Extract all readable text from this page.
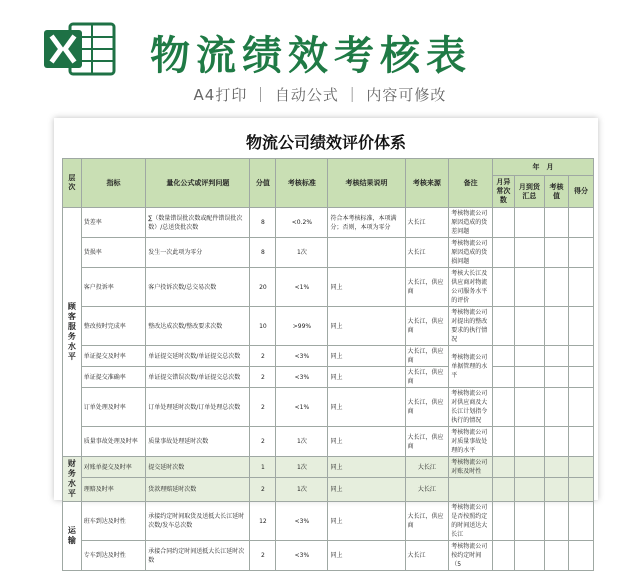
物流绩效考核表
A4打印 ｜ 自动公式 ｜ 内容可修改
物流公司绩效评价体系
层次	指标	量化公式或评判问题	分值	考核标准	考核结果说明	考核来源	备注	年　月			
								月异常次数	月到货汇总	考核值	得分
顾客服务水平	货差率	∑（数量错误批次数或配件错误批次数）/总送货批次数	8	<0.2%	符合本考核标准，本项满分；否则，本项为零分	大长江	考核物流公司原因造成的货差问题				
	货损率	发生一次此项为零分	8	1次		大长江	考核物流公司原因造成的货损问题				
	客户投诉率	客户投诉次数/总交易次数	20	<1%	同上	大长江，供应商	考核大长江及供应商对物流公司服务水平的评价				
	整改按时完成率	整改达成次数/整改要求次数	10	>99%	同上	大长江，供应商	考核物流公司对提出的整改要求的执行情况				
	单证提交及时率	单证提交延时次数/单证提交总次数	2	<3%	同上	大长江，供应商	考核物流公司单据管理的水平				
	单证提交准确率	单证提交错误次数/单证提交总次数	2	<3%	同上	大长江，供应商					
	订单处理及时率	订单处理延时次数/订单处理总次数	2	<1%	同上	大长江，供应商	考核物流公司对供应商及大长江计划指令执行的情况				
	质量事故处理及时率	质量事故处理延时次数	2	1次	同上	大长江，供应商	考核物流公司对质量事故处理的水平				
财务水平	对账单提交及时率	提交延时次数	1	1次	同上	大长江	考核物流公司对账及时性				
	理赔及时率	货款理赔延时次数	2	1次	同上	大长江					
运输	班车到达及时性	承接约定时间取货及送抵大长江延时次数/发车总次数	12	<3%	同上	大长江，供应商	考核物流公司是否按照约定的时间送达大长江				
	专车到达及时性	承接合同约定时间送抵大长江延时次数	2	<3%	同上	大长江	考核物流公司按约定时间（5				
